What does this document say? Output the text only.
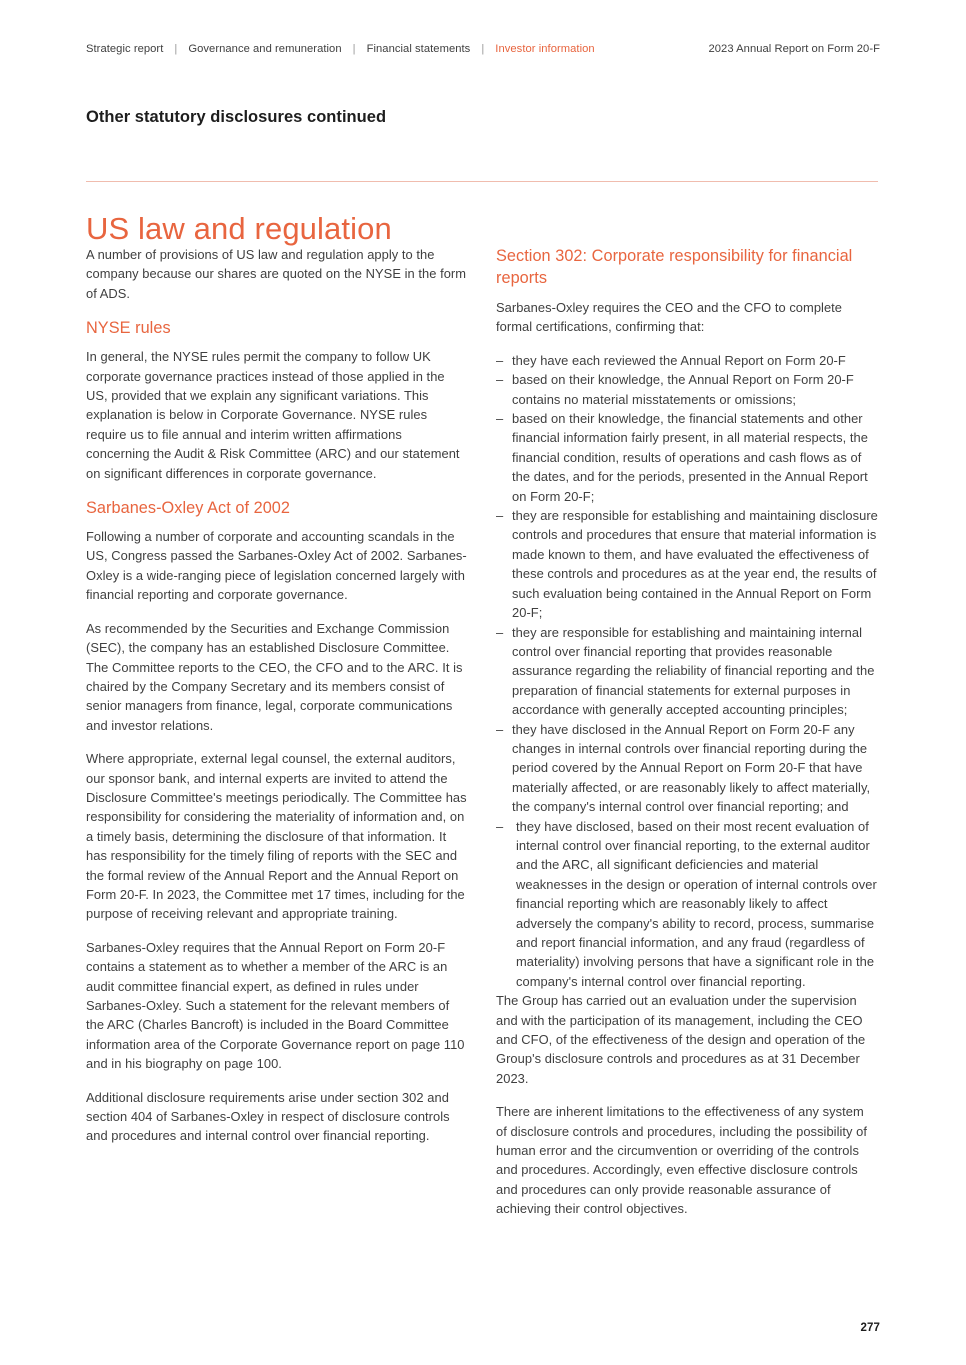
Strategic report | Governance and remuneration | Financial statements | Investor information	2023 Annual Report on Form 20-F
Other statutory disclosures continued
US law and regulation

A number of provisions of US law and regulation apply to the company because our shares are quoted on the NYSE in the form of ADS.

NYSE rules

In general, the NYSE rules permit the company to follow UK corporate governance practices instead of those applied in the US, provided that we explain any significant variations. This explanation is below in Corporate Governance. NYSE rules require us to file annual and interim written affirmations concerning the Audit & Risk Committee (ARC) and our statement on significant differences in corporate governance.

Sarbanes-Oxley Act of 2002

Following a number of corporate and accounting scandals in the US, Congress passed the Sarbanes-Oxley Act of 2002. Sarbanes-Oxley is a wide-ranging piece of legislation concerned largely with financial reporting and corporate governance.

As recommended by the Securities and Exchange Commission (SEC), the company has an established Disclosure Committee. The Committee reports to the CEO, the CFO and to the ARC. It is chaired by the Company Secretary and its members consist of senior managers from finance, legal, corporate communications and investor relations.

Where appropriate, external legal counsel, the external auditors, our sponsor bank, and internal experts are invited to attend the Disclosure Committee's meetings periodically. The Committee has responsibility for considering the materiality of information and, on a timely basis, determining the disclosure of that information. It has responsibility for the timely filing of reports with the SEC and the formal review of the Annual Report and the Annual Report on Form 20-F. In 2023, the Committee met 17 times, including for the purpose of receiving relevant and appropriate training.

Sarbanes-Oxley requires that the Annual Report on Form 20-F contains a statement as to whether a member of the ARC is an audit committee financial expert, as defined in rules under Sarbanes-Oxley. Such a statement for the relevant members of the ARC (Charles Bancroft) is included in the Board Committee information area of the Corporate Governance report on page 110 and in his biography on page 100.

Additional disclosure requirements arise under section 302 and section 404 of Sarbanes-Oxley in respect of disclosure controls and procedures and internal control over financial reporting.

Section 302: Corporate responsibility for financial reports

Sarbanes-Oxley requires the CEO and the CFO to complete formal certifications, confirming that:

– they have each reviewed the Annual Report on Form 20-F
– based on their knowledge, the Annual Report on Form 20-F contains no material misstatements or omissions;
– based on their knowledge, the financial statements and other financial information fairly present, in all material respects, the financial condition, results of operations and cash flows as of the dates, and for the periods, presented in the Annual Report on Form 20-F;
– they are responsible for establishing and maintaining disclosure controls and procedures that ensure that material information is made known to them, and have evaluated the effectiveness of these controls and procedures as at the year end, the results of such evaluation being contained in the Annual Report on Form 20-F;
– they are responsible for establishing and maintaining internal control over financial reporting that provides reasonable assurance regarding the reliability of financial reporting and the preparation of financial statements for external purposes in accordance with generally accepted accounting principles;
– they have disclosed in the Annual Report on Form 20-F any changes in internal controls over financial reporting during the period covered by the Annual Report on Form 20-F that have materially affected, or are reasonably likely to affect materially, the company's internal control over financial reporting; and
– they have disclosed, based on their most recent evaluation of internal control over financial reporting, to the external auditor and the ARC, all significant deficiencies and material weaknesses in the design or operation of internal controls over financial reporting which are reasonably likely to affect adversely the company's ability to record, process, summarise and report financial information, and any fraud (regardless of materiality) involving persons that have a significant role in the company's internal control over financial reporting.

The Group has carried out an evaluation under the supervision and with the participation of its management, including the CEO and CFO, of the effectiveness of the design and operation of the Group's disclosure controls and procedures as at 31 December 2023.

There are inherent limitations to the effectiveness of any system of disclosure controls and procedures, including the possibility of human error and the circumvention or overriding of the controls and procedures. Accordingly, even effective disclosure controls and procedures can only provide reasonable assurance of achieving their control objectives.

277
